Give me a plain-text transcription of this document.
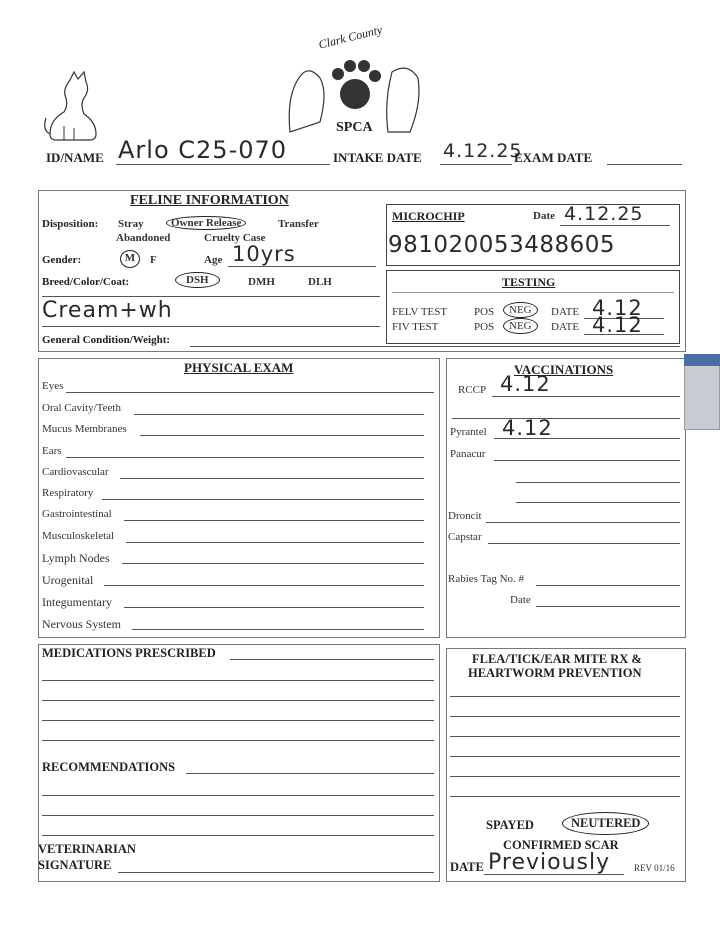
Clark County
SPCA
ID/NAME Arlo C25-070	INTAKE DATE 4.12.25
EXAM DATE
FELINE INFORMATION
Disposition: Stray	Owner Release	Transfer
Abandoned	Cruelty Case
Gender:	M	F	Age 10yrs
Breed/Color/Coat:	DSH	DMH	DLH
Cream+wh
General Condition/Weight:
MICROCHIP	Date 4.12.25
981020053488605
TESTING
FELV TEST POS	NEG	DATE 4.12
FIV TEST	POS	NEG	DATE 4.12
PHYSICAL EXAM
Eyes
Oral Cavity/Teeth
Mucus Membranes
Ears
Cardiovascular
Respiratory
Gastrointestinal
Musculoskeletal
Lymph Nodes
Urogenital
Integumentary
Nervous System
VACCINATIONS
RCCP 4.12
Pyrantel 4.12
Panacur
Droncit
Capstar
Rabies Tag No. #
Date
MEDICATIONS PRESCRIBED
RECOMMENDATIONS
VETERINARIAN
SIGNATURE
FLEA/TICK/EAR MITE RX &
HEARTWORM PREVENTION
SPAYED	NEUTERED
CONFIRMED SCAR
DATE Previously	REV 01/16
